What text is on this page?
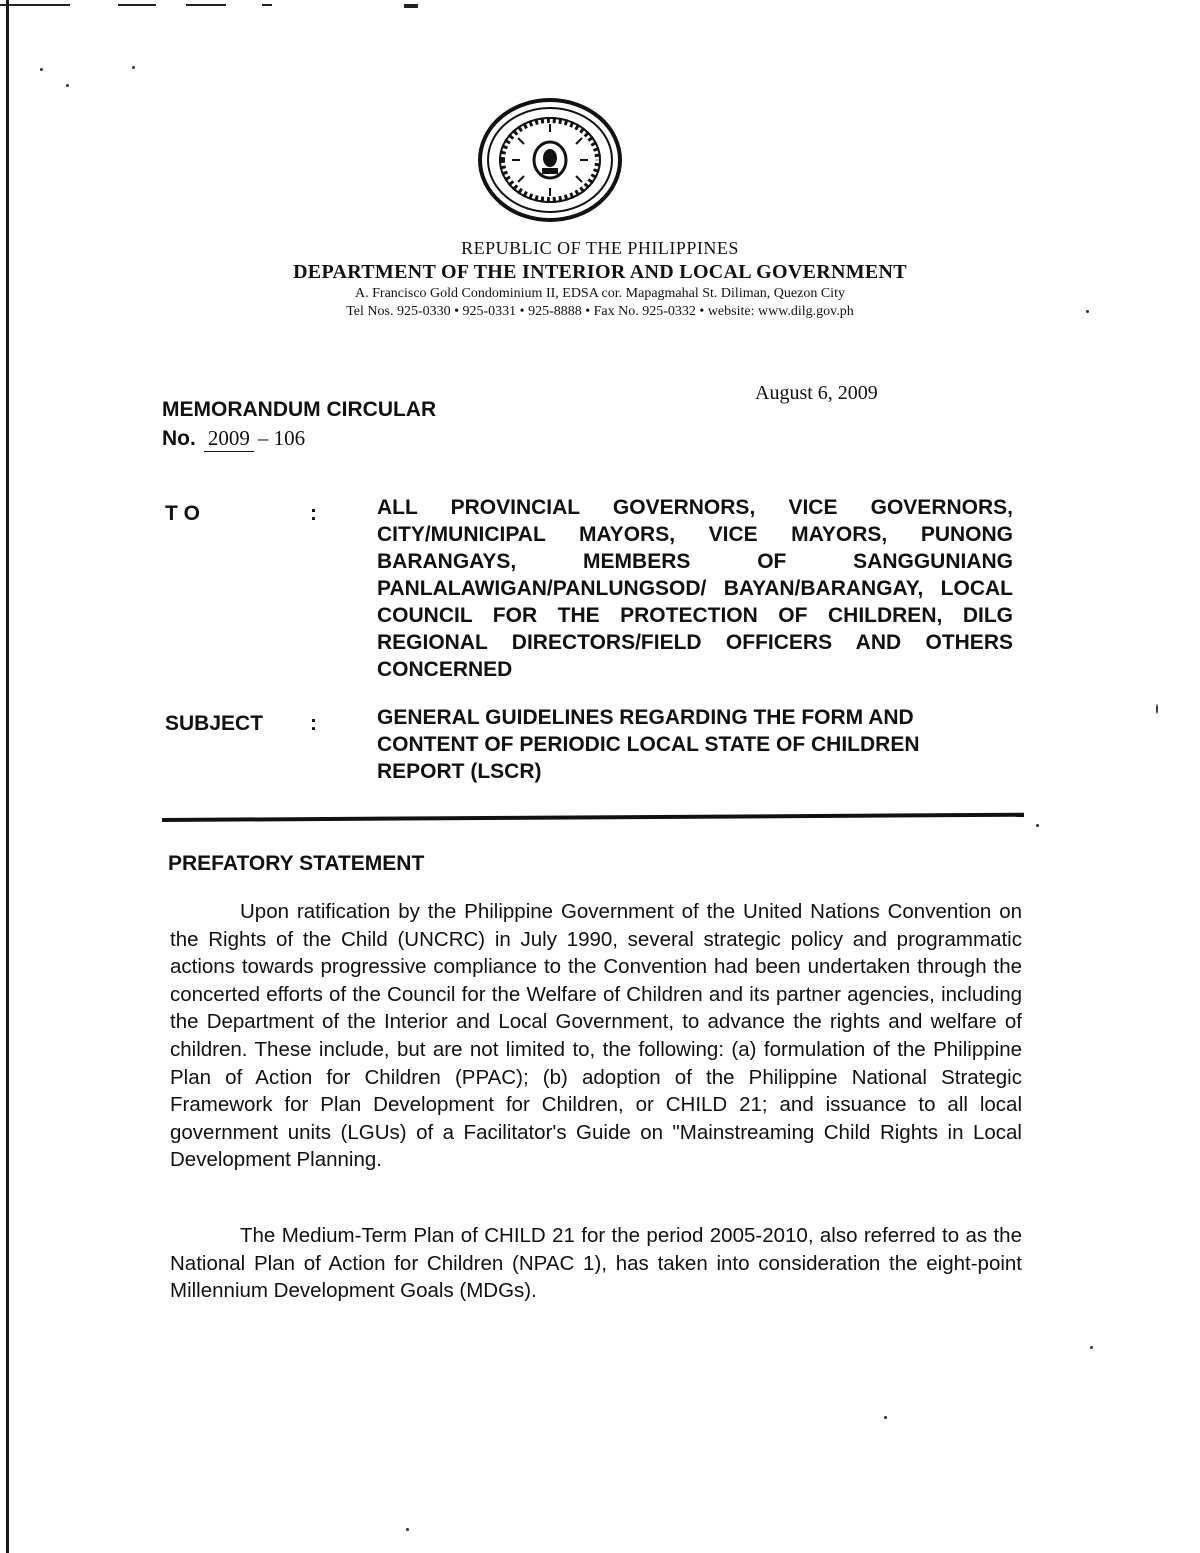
REPUBLIC OF THE PHILIPPINES
DEPARTMENT OF THE INTERIOR AND LOCAL GOVERNMENT
A. Francisco Gold Condominium II, EDSA cor. Mapagmahal St. Diliman, Quezon City
Tel Nos. 925-0330 • 925-0331 • 925-8888 • Fax No. 925-0332 • website: www.dilg.gov.ph
MEMORANDUM CIRCULAR
No. 2009 – 106
August 6, 2009
T O	:	ALL PROVINCIAL GOVERNORS, VICE GOVERNORS, CITY/MUNICIPAL MAYORS, VICE MAYORS, PUNONG BARANGAYS, MEMBERS OF SANGGUNIANG PANLALAWIGAN/PANLUNGSOD/ BAYAN/BARANGAY, LOCAL COUNCIL FOR THE PROTECTION OF CHILDREN, DILG REGIONAL DIRECTORS/FIELD OFFICERS AND OTHERS CONCERNED
SUBJECT :	GENERAL GUIDELINES REGARDING THE FORM AND CONTENT OF PERIODIC LOCAL STATE OF CHILDREN REPORT (LSCR)
PREFATORY STATEMENT
Upon ratification by the Philippine Government of the United Nations Convention on the Rights of the Child (UNCRC) in July 1990, several strategic policy and programmatic actions towards progressive compliance to the Convention had been undertaken through the concerted efforts of the Council for the Welfare of Children and its partner agencies, including the Department of the Interior and Local Government, to advance the rights and welfare of children. These include, but are not limited to, the following: (a) formulation of the Philippine Plan of Action for Children (PPAC); (b) adoption of the Philippine National Strategic Framework for Plan Development for Children, or CHILD 21; and issuance to all local government units (LGUs) of a Facilitator's Guide on "Mainstreaming Child Rights in Local Development Planning.
The Medium-Term Plan of CHILD 21 for the period 2005-2010, also referred to as the National Plan of Action for Children (NPAC 1), has taken into consideration the eight-point Millennium Development Goals (MDGs).
